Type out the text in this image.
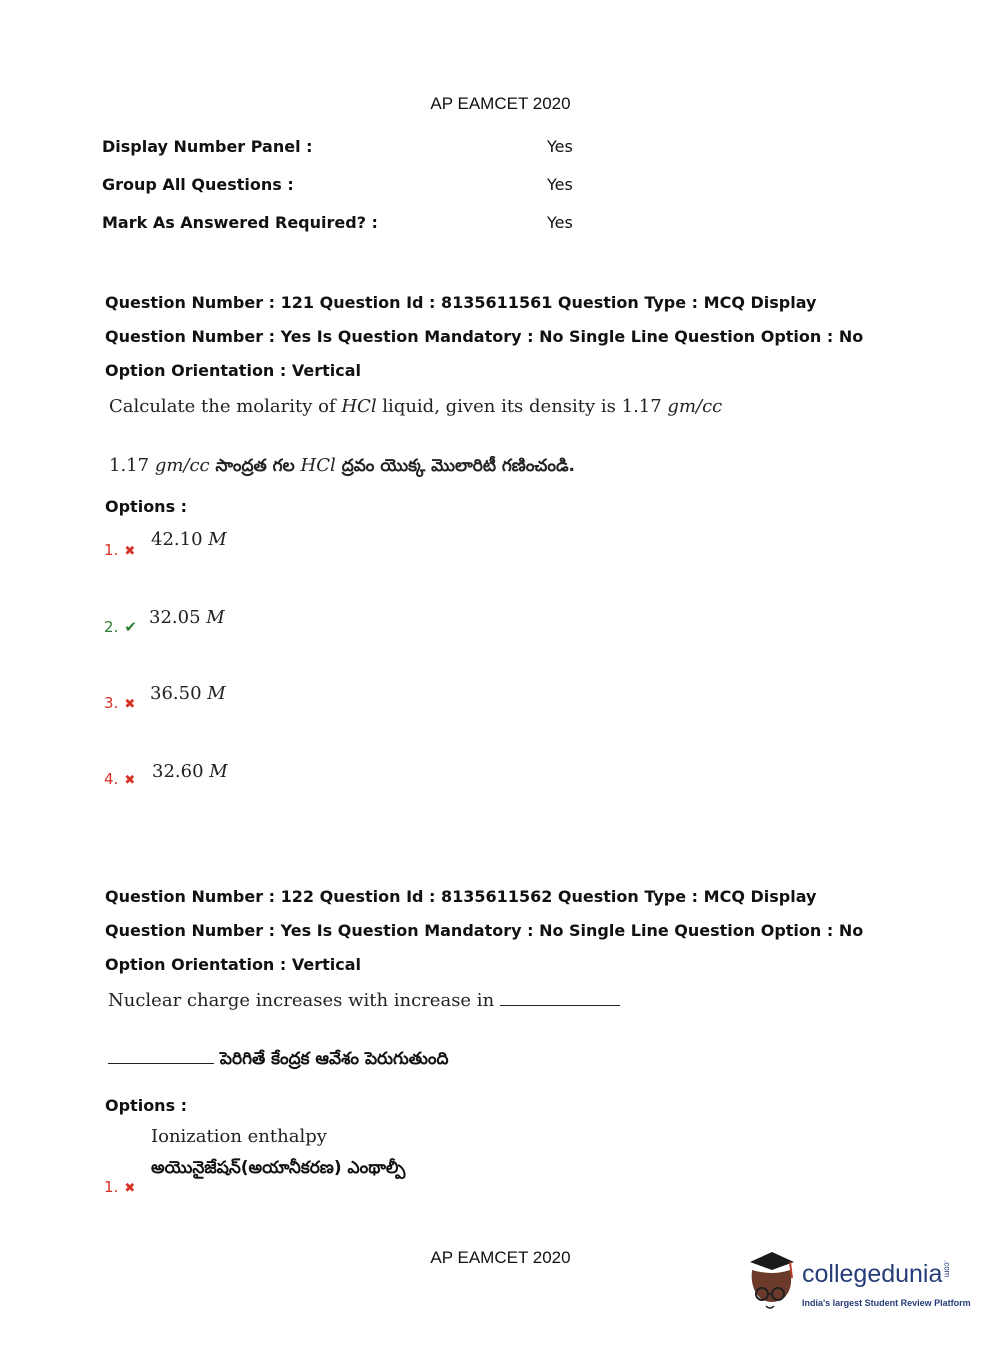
AP EAMCET 2020
Display Number Panel :	Yes
Group All Questions :	Yes
Mark As Answered Required? :	Yes
Question Number : 121 Question Id : 8135611561 Question Type : MCQ Display Question Number : Yes Is Question Mandatory : No Single Line Question Option : No Option Orientation : Vertical
Calculate the molarity of HCl liquid, given its density is 1.17 gm/cc
1.17 gm/cc సాంద్రత గల HCl ద్రవం యొక్క మొలారిటీ గణించండి.
Options :
1. ✖
42.10 M
2. ✔ 32.05 M
3. ✖
36.50 M
4. ✖ 32.60 M
Question Number : 122 Question Id : 8135611562 Question Type : MCQ Display Question Number : Yes Is Question Mandatory : No Single Line Question Option : No Option Orientation : Vertical
Nuclear charge increases with increase in
పెరిగితే కేంద్రక ఆవేశం పెరుగుతుంది
Options :
Ionization enthalpy
అయొనైజేషన్(అయానీకరణ) ఎంథాల్పీ
1. ✖
AP EAMCET 2020
collegedunia.com
India's largest Student Review Platform
